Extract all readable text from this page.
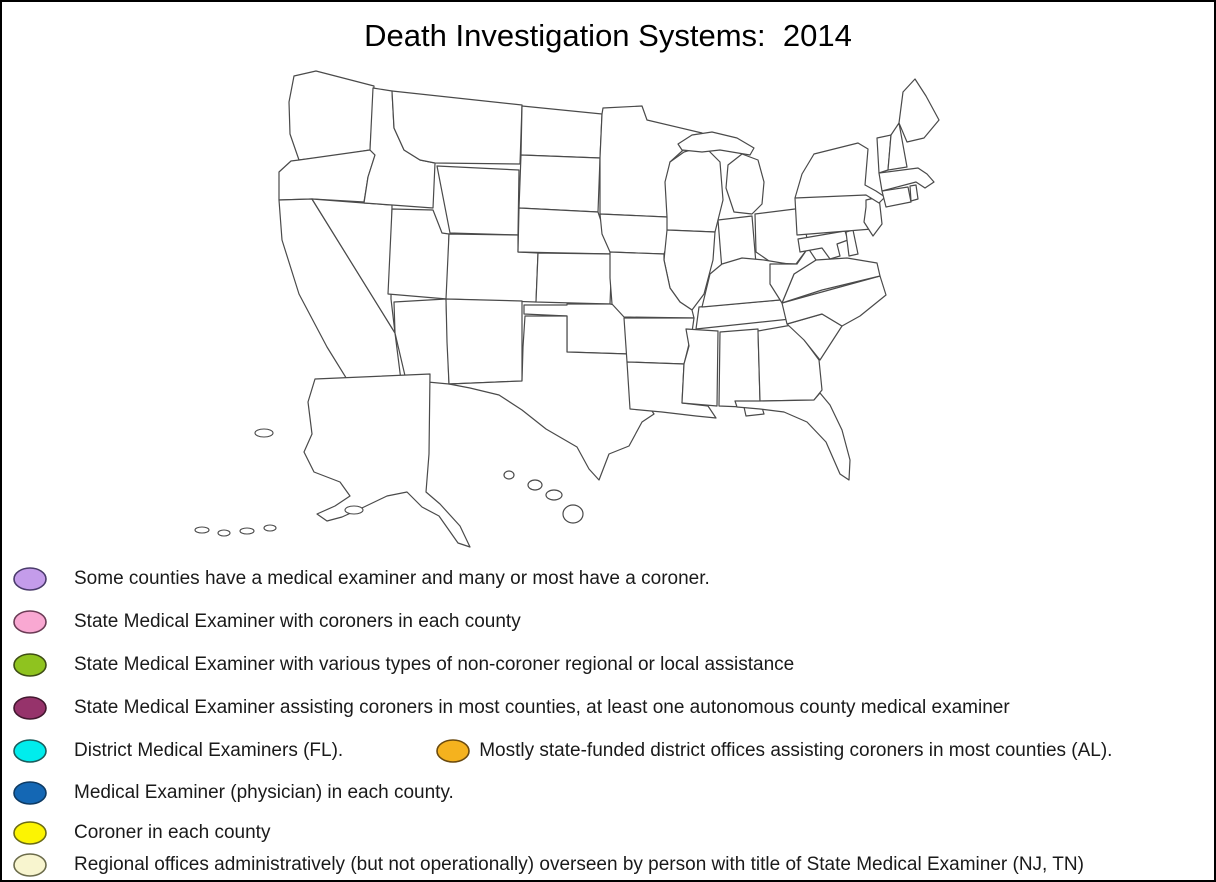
Death Investigation Systems:  2014
Some counties have a medical examiner and many or most have a coroner.
State Medical Examiner with coroners in each county
State Medical Examiner with various types of non-coroner regional or local assistance
State Medical Examiner assisting coroners in most counties, at least one autonomous county medical examiner
District Medical Examiners (FL).	Mostly state-funded district offices assisting coroners in most counties (AL).
Medical Examiner (physician) in each county.
Coroner in each county
Regional offices administratively (but not operationally) overseen by person with title of State Medical Examiner (NJ, TN)
